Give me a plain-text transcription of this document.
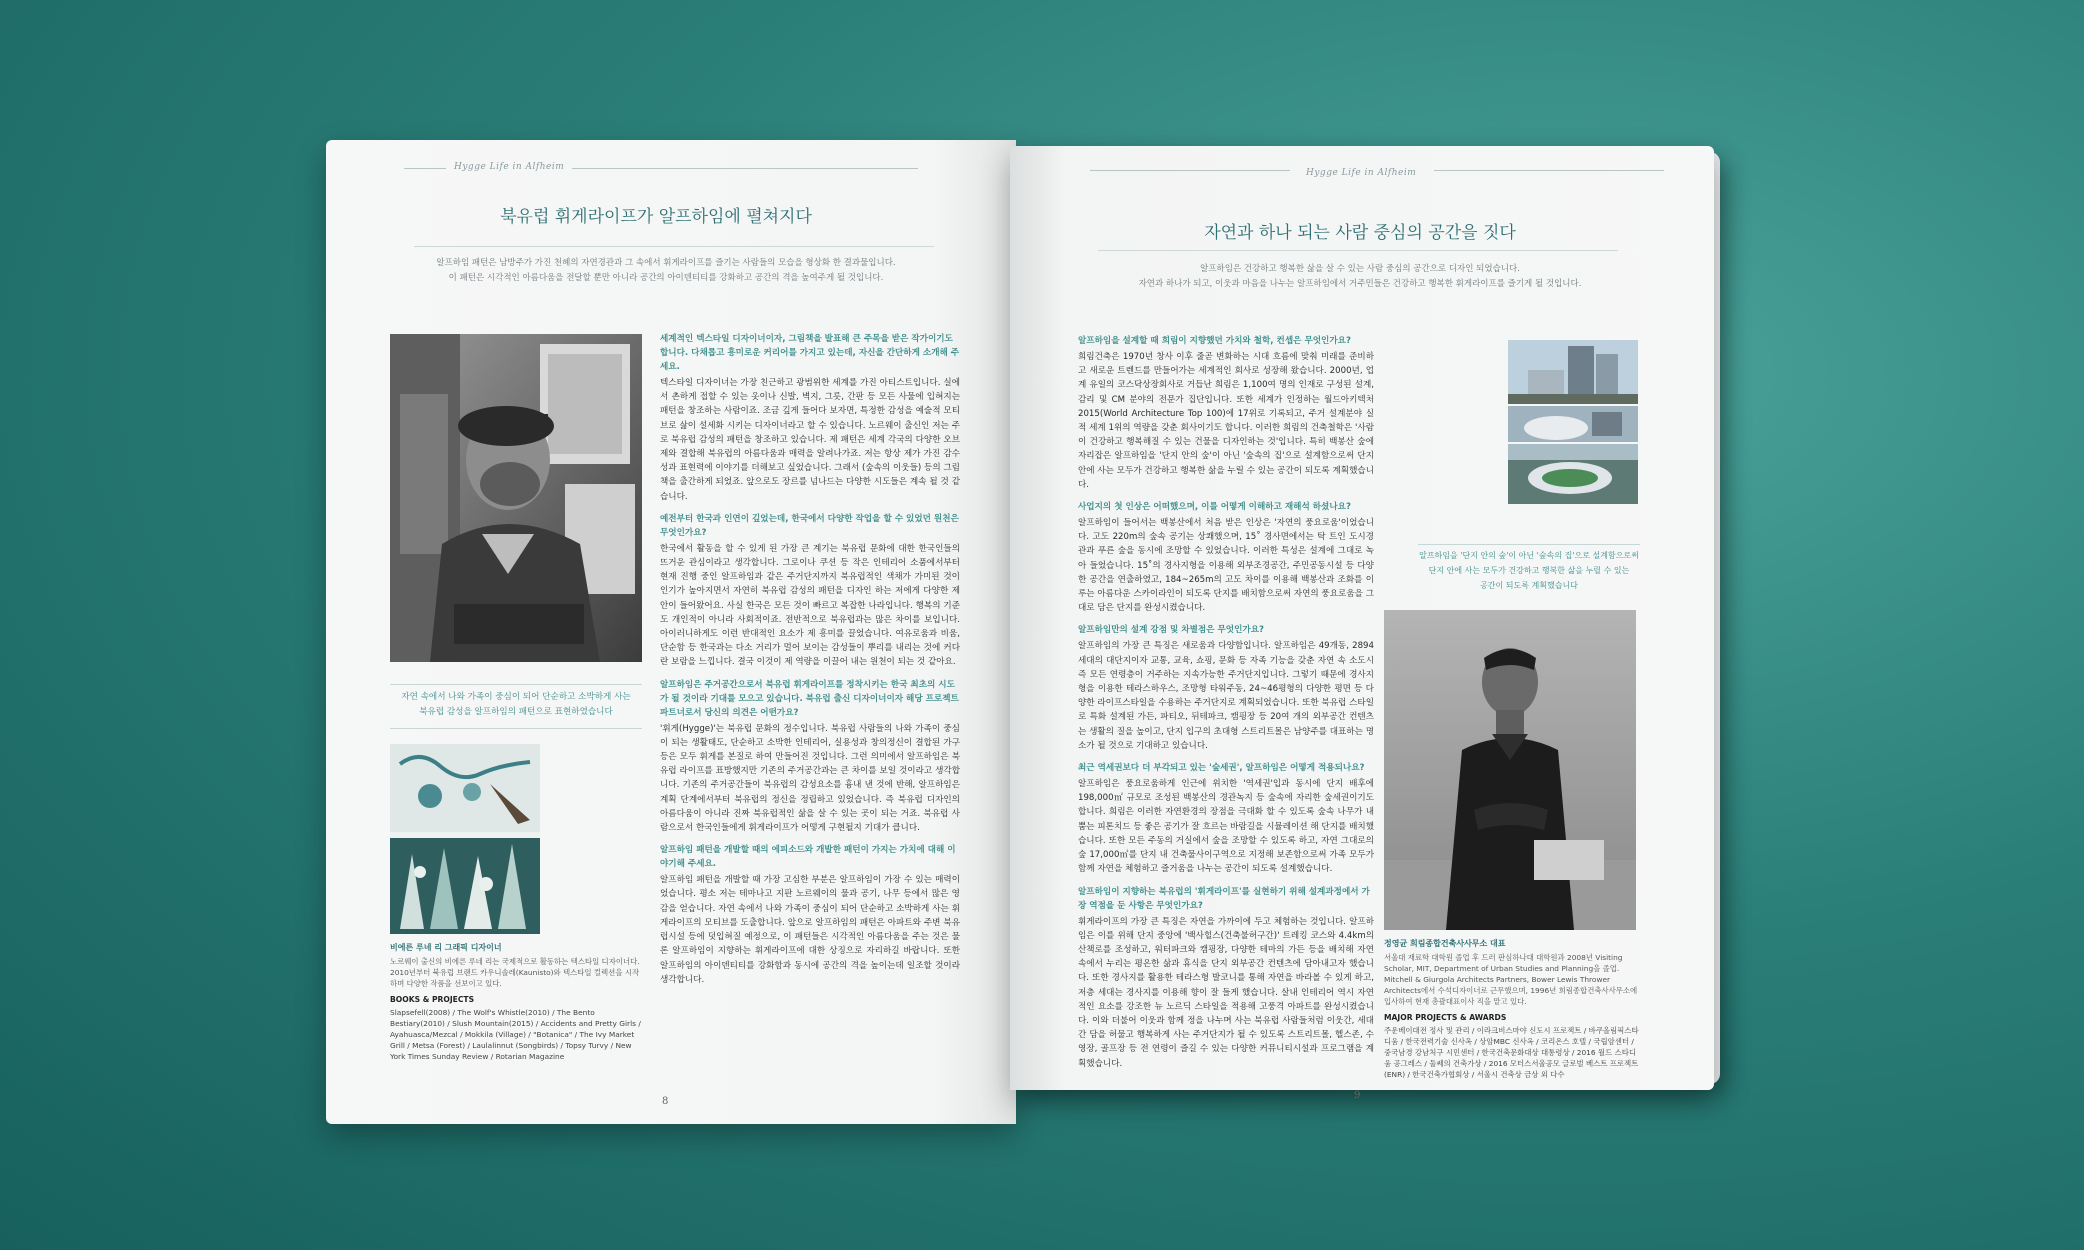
Hygge Life in Alfheim
북유럽 휘게라이프가 알프하임에 펼쳐지다
알프하임 패턴은 남방주가 가진 천혜의 자연경관과 그 속에서 휘게라이프를 즐기는 사람들의 모습을 형상화 한 결과물입니다.
이 패턴은 시각적인 아름다움을 전달할 뿐만 아니라 공간의 아이덴티티를 강화하고 공간의 격을 높여주게 될 것입니다.
자연 속에서 나와 가족이 중심이 되어 단순하고 소박하게 사는
북유럽 감성을 알프하임의 패턴으로 표현하였습니다
비에른 루네 리 그래픽 디자이너
노르웨이 출신의 비에른 루네 리는 국제적으로 활동하는 텍스타일 디자이너다. 2010년부터 북유럽 브랜드 카우니솔레(Kaunisto)와 텍스타일 컬렉션을 시작하며 다양한 작품을 선보이고 있다.
BOOKS & PROJECTS
Slapsefell(2008) / The Wolf's Whistle(2010) / The Bento Bestiary(2010) / Slush Mountain(2015) / Accidents and Pretty Girls / Ayahuasca/Mezcal / Mokkila (Village) / "Botanica" / The Ivy Market Grill / Metsa (Forest) / Laulalinnut (Songbirds) / Topsy Turvy / New York Times Sunday Review / Rotarian Magazine
세계적인 텍스타일 디자이너이자, 그림책을 발표해 큰 주목을 받은 작가이기도 합니다. 다채롭고 흥미로운 커리어를 가지고 있는데, 자신을 간단하게 소개해 주세요.
텍스타일 디자이너는 가장 친근하고 광범위한 세계를 가진 아티스트입니다. 실에서 촌하게 접할 수 있는 옷이나 신발, 벽지, 그릇, 간판 등 모든 사물에 입혀지는 패턴을 창조하는 사람이죠. 조금 깊게 들어다 보자면, 특정한 감성을 예술적 모티브로 삶이 설세화 시키는 디자이너라고 할 수 있습니다. 노르웨이 출신인 저는 주로 북유럽 감성의 패턴을 창조하고 있습니다. 제 패턴은 세계 각국의 다양한 오브제와 결합해 북유럽의 아름다움과 매력을 알려나가죠. 저는 항상 제가 가진 감수성과 표현력에 이야기를 더해보고 싶었습니다. 그래서 (숲속의 이웃들) 등의 그림책을 출간하게 되었죠. 앞으로도 장르를 넘나드는 다양한 시도들은 계속 될 것 같습니다.
예전부터 한국과 인연이 깊었는데, 한국에서 다양한 작업을 할 수 있었던 원천은 무엇인가요?
한국에서 활동을 할 수 있게 된 가장 큰 계기는 북유럽 문화에 대한 한국인들의 뜨거운 관심이라고 생각합니다. 그로이나 쿠션 등 작은 인테리어 소품에서부터 현재 진행 중인 알프하임과 같은 주거단지까지 북유럽적인 색채가 가미된 것이 인기가 높아지면서 자연히 북유럽 감성의 패턴을 디자인 하는 저에게 다양한 제안이 들어왔어요. 사실 한국은 모든 것이 빠르고 복잡한 나라입니다. 행복의 기준도 개인적이 아니라 사회적이죠. 전반적으로 북유럽과는 많은 차이를 보입니다. 아이러니하게도 이런 반대적인 요소가 제 흥미를 끌었습니다. 여유로움과 비움, 단순함 등 한국과는 다소 거리가 멀어 보이는 감성들이 뿌리를 내리는 것에 커다란 보람을 느낍니다. 결국 이것이 제 역량을 이끌어 내는 원천이 되는 것 같아요.
알프하임은 주거공간으로서 북유럽 휘게라이프를 정착시키는 한국 최초의 시도가 될 것이라 기대를 모으고 있습니다. 북유럽 출신 디자이너이자 해당 프로젝트 파트너로서 당신의 의견은 어떤가요?
'휘게(Hygge)'는 북유럽 문화의 정수입니다. 북유럽 사람들의 나와 가족이 중심이 되는 생활태도, 단순하고 소박한 인테리어, 실용성과 창의정신이 결합된 가구 등은 모두 휘게를 본질로 하여 만들어진 것입니다. 그런 의미에서 알프하임은 북유럽 라이프를 표방했지만 기존의 주거공간과는 큰 차이를 보일 것이라고 생각합니다. 기존의 주거공간들이 북유럽의 감성요소를 흉내 낸 것에 반해, 알프하임은 계획 단계에서부터 북유럽의 정신을 정립하고 있었습니다. 즉 북유럽 디자인의 아름다움이 아니라 진짜 북유럽적인 삶을 살 수 있는 곳이 되는 거죠. 북유럽 사람으로서 한국인들에게 휘게라이프가 어떻게 구현될지 기대가 큽니다.
알프하임 패턴을 개발할 때의 에피소드와 개발한 패턴이 가지는 가치에 대해 이야기해 주세요.
알프하임 패턴을 개발할 때 가장 고심한 부분은 알프하임이 가장 수 있는 매력이었습니다. 평소 저는 테마나고 지판 노르웨이의 물과 공기, 나무 등에서 많은 영감을 얻습니다. 자연 속에서 나와 가족이 중심이 되어 단순하고 소박하게 사는 휘게라이프의 모티브를 도출합니다. 앞으로 알프하임의 패턴은 아파트와 주변 북유럽시설 등에 덧입혀질 예정으로, 이 패턴들은 시각적인 아름다움을 주는 것은 물론 알프하임이 지향하는 휘게라이프에 대한 상징으로 자리하길 바랍니다. 또한 알프하임의 아이덴티티를 강화함과 동시에 공간의 격을 높이는데 일조할 것이라 생각합니다.
8
Hygge Life in Alfheim
자연과 하나 되는 사람 중심의 공간을 짓다
알프하임은 건강하고 행복한 삶을 살 수 있는 사람 중심의 공간으로 디자인 되었습니다.
자연과 하나가 되고, 이웃과 마음을 나누는 알프하임에서 거주민들은 건강하고 행복한 휘게라이프를 즐기게 될 것입니다.
알프하임을 설계할 때 희림이 지향했던 가치와 철학, 컨셉은 무엇인가요?
희림건축은 1970년 창사 이후 줄곧 변화하는 시대 흐름에 맞춰 미래를 준비하고 새로운 트렌드를 만들어가는 세계적인 회사로 성장해 왔습니다. 2000년, 업계 유일의 코스닥상장회사로 거듭난 희림은 1,100여 명의 인재로 구성된 설계, 감리 및 CM 분야의 전문가 집단입니다. 또한 세계가 인정하는 월드아키텍처 2015(World Architecture Top 100)에 17위로 기록되고, 주거 설계분야 실적 세계 1위의 역량을 갖춘 회사이기도 합니다. 이러한 희림의 건축철학은 '사람이 건강하고 행복해질 수 있는 건물을 디자인하는 것'입니다. 특히 백봉산 숲에 자리잡은 알프하임을 '단지 안의 숲'이 아닌 '숲속의 집'으로 설계함으로써 단지 안에 사는 모두가 건강하고 행복한 삶을 누릴 수 있는 공간이 되도록 계획했습니다.
사업지의 첫 인상은 어떠했으며, 이를 어떻게 이해하고 재해석 하셨나요?
알프하임이 들어서는 백봉산에서 처음 받은 인상은 '자연의 풍요로움'이었습니다. 고도 220m의 숲속 공기는 상쾌했으며, 15˚ 경사면에서는 탁 트인 도시경관과 푸른 숲을 동시에 조망할 수 있었습니다. 이러한 특성은 설계에 그대로 녹아 들었습니다. 15˚의 경사지형을 이용해 외부조경공간, 주민공동시설 등 다양한 공간을 연출하였고, 184~265m의 고도 차이를 이용해 백봉산과 조화를 이루는 아름다운 스카이라인이 되도록 단지를 배치함으로써 자연의 풍요로움을 그대로 담은 단지를 완성시켰습니다.
알프하임만의 설계 강점 및 차별점은 무엇인가요?
알프하임의 가장 큰 특징은 새로움과 다양함입니다. 알프하임은 49개동, 2894세대의 대단지이자 교통, 교육, 쇼핑, 문화 등 자족 기능을 갖춘 자연 속 소도시 즉 모든 연령층이 거주하는 지속가능한 주거단지입니다. 그렇기 때문에 경사지형을 이용한 테라스하우스, 조망형 타워주동, 24~46평형의 다양한 평면 등 다양한 라이프스타일을 수용하는 주거단지로 계획되었습니다. 또한 북유럽 스타일로 특화 설계된 가든, 파티오, 뒤테파크, 캠핑장 등 20여 개의 외부공간 컨텐츠는 생활의 질을 높이고, 단지 입구의 초대형 스트리트몰은 남양주를 대표하는 명소가 될 것으로 기대하고 있습니다.
최근 역세권보다 더 부각되고 있는 '숲세권', 알프하임은 어떻게 적용되나요?
알프하임은 풍요로움하게 인근에 위치한 '역세권'입과 동시에 단지 배후에 198,000㎡ 규모로 조성된 백봉산의 경관녹지 등 숲속에 자리한 숲세권이기도 합니다. 희림은 이러한 자연환경의 장점을 극대화 할 수 있도록 숲속 나무가 내뿜는 피톤치드 등 좋은 공기가 잘 흐르는 바람길을 시뮬레이션 해 단지를 배치했습니다. 또한 모든 주동의 거실에서 숲을 조망할 수 있도록 하고, 자연 그대로의 숲 17,000㎡를 단지 내 건축물사이구역으로 지정해 보존함으로써 가족 모두가 함께 자연을 체험하고 즐거움을 나누는 공간이 되도록 설계했습니다.
알프하임이 지향하는 북유럽의 '휘게라이프'를 실현하기 위해 설계과정에서 가장 역점을 둔 사항은 무엇인가요?
휘게라이프의 가장 큰 특징은 자연을 가까이에 두고 체험하는 것입니다. 알프하임은 이를 위해 단지 중앙에 '백사힐스(건축불허구간)' 트레킹 코스와 4.4km의 산책로를 조성하고, 워터파크와 캠핑장, 다양한 테마의 가든 등을 배치해 자연 속에서 누리는 평온한 삶과 휴식을 단지 외부공간 컨텐츠에 담아내고자 했습니다. 또한 경사지를 활용한 테라스형 발코니를 통해 자연을 바라볼 수 있게 하고, 저층 세대는 경사지를 이용해 향이 잘 들게 했습니다. 살내 인테리어 역시 자연적인 요소를 강조한 뉴 노르딕 스타일을 적용해 고풍격 아파트를 완성시켰습니다. 이와 더불어 이웃과 함께 정을 나누며 사는 북유럽 사람들처럼 이웃간, 세대간 담을 허물고 행복하게 사는 주거단지가 될 수 있도록 스트리트몰, 헬스존, 수영장, 골프장 등 전 연령이 즐길 수 있는 다양한 커뮤니티시설과 프로그램을 계획했습니다.
알프하임을 '단지 안의 숲'이 아닌 '숲속의 집'으로 설계함으로써
단지 안에 사는 모두가 건강하고 행복한 삶을 누릴 수 있는
공간이 되도록 계획했습니다
정영균 희림종합건축사사무소 대표
서울대 재료학 대학원 졸업 후 드러 판심하나대 대학원과 2008년 Visiting Scholar, MIT, Department of Urban Studies and Planning을 졸업. Mitchell & Giurgola Architects Partners, Bower Lewis Thrower Architects에서 수석디자이너로 근무했으며, 1996년 희림종합건축사사무소에 입사하여 현재 총괄대표이사 직을 맡고 있다.
MAJOR PROJECTS & AWARDS
주운베이대전 정사 및 관리 / 이라크비스마야 신도시 프로젝트 / 바쿠올림픽스타디움 / 한국전력기술 신사옥 / 상암MBC 신사옥 / 코리온스 호텔 / 국립암센터 / 중국남경 강남처구 시민센터 / 한국건축문화대상 대통령상 / 2016 월드 스타디움 공그레스 / 둘쎄의 건축가상 / 2016 모터스서울공모 글로벌 베스트 프로젝트(ENR) / 한국건축가협회상 / 서울시 건축상 금상 외 다수
9
